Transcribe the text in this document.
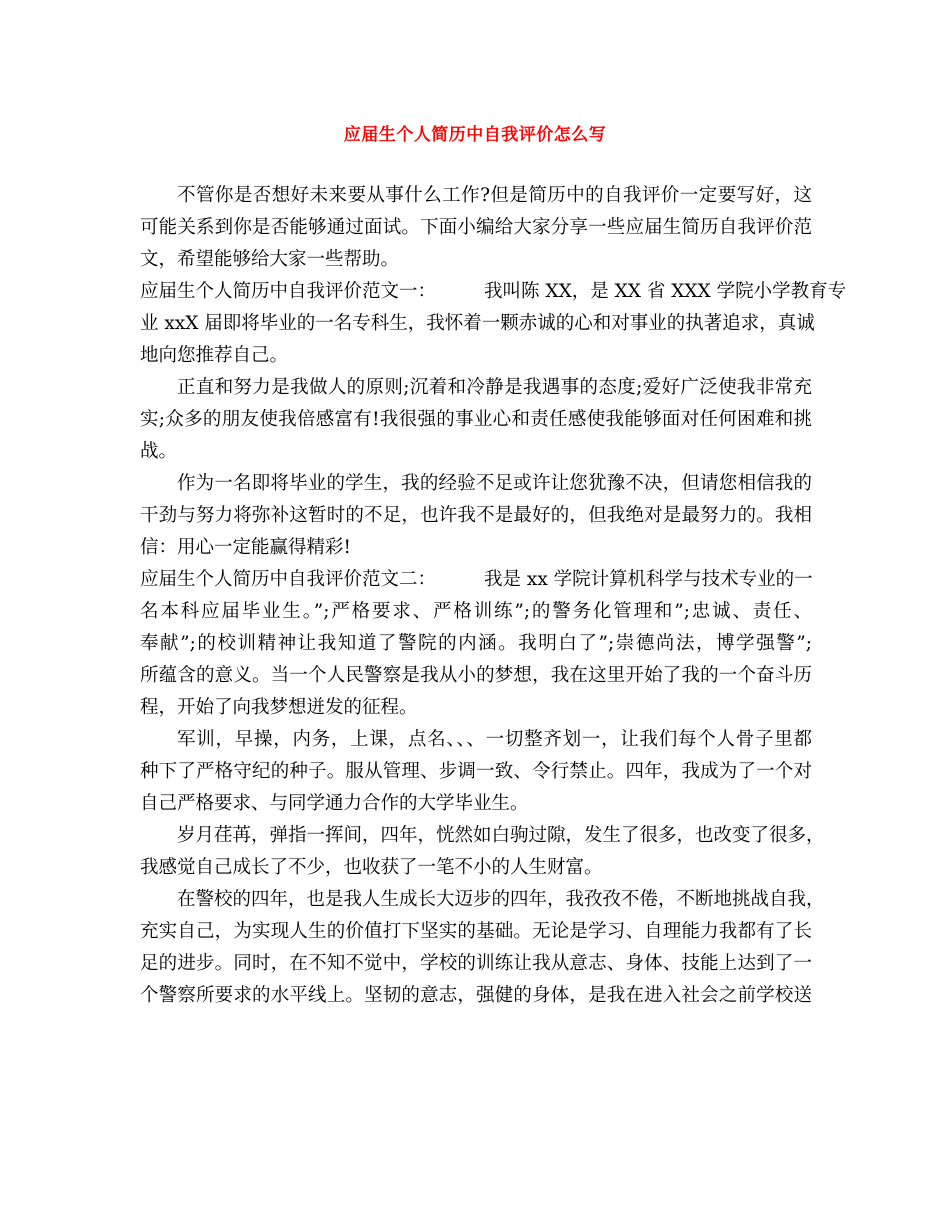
应届生个人简历中自我评价怎么写
不管你是否想好未来要从事什么工作?但是简历中的自我评价一定要写好，这
可能关系到你是否能够通过面试。下面小编给大家分享一些应届生简历自我评价范
文，希望能够给大家一些帮助。
应届生个人简历中自我评价范文一：	我叫陈 XX，是 XX 省 XXX 学院小学教育专
业 xxX 届即将毕业的一名专科生，我怀着一颗赤诚的心和对事业的执著追求，真诚
地向您推荐自己。
正直和努力是我做人的原则;沉着和冷静是我遇事的态度;爱好广泛使我非常充
实;众多的朋友使我倍感富有!我很强的事业心和责任感使我能够面对任何困难和挑
战。
作为一名即将毕业的学生，我的经验不足或许让您犹豫不决，但请您相信我的
干劲与努力将弥补这暂时的不足，也许我不是最好的，但我绝对是最努力的。我相
信：用心一定能赢得精彩!
应届生个人简历中自我评价范文二：	我是 xx 学院计算机科学与技术专业的一
名本科应届毕业生。”;严格要求、严格训练”;的警务化管理和”;忠诚、责任、
奉献”;的校训精神让我知道了警院的内涵。我明白了”;崇德尚法，博学强警”;
所蕴含的意义。当一个人民警察是我从小的梦想，我在这里开始了我的一个奋斗历
程，开始了向我梦想迸发的征程。
军训，早操，内务，上课，点名、、、一切整齐划一，让我们每个人骨子里都
种下了严格守纪的种子。服从管理、步调一致、令行禁止。四年，我成为了一个对
自己严格要求、与同学通力合作的大学毕业生。
岁月荏苒，弹指一挥间，四年，恍然如白驹过隙，发生了很多，也改变了很多，
我感觉自己成长了不少，也收获了一笔不小的人生财富。
在警校的四年，也是我人生成长大迈步的四年，我孜孜不倦，不断地挑战自我，
充实自己，为实现人生的价值打下坚实的基础。无论是学习、自理能力我都有了长
足的进步。同时，在不知不觉中，学校的训练让我从意志、身体、技能上达到了一
个警察所要求的水平线上。坚韧的意志，强健的身体，是我在进入社会之前学校送
